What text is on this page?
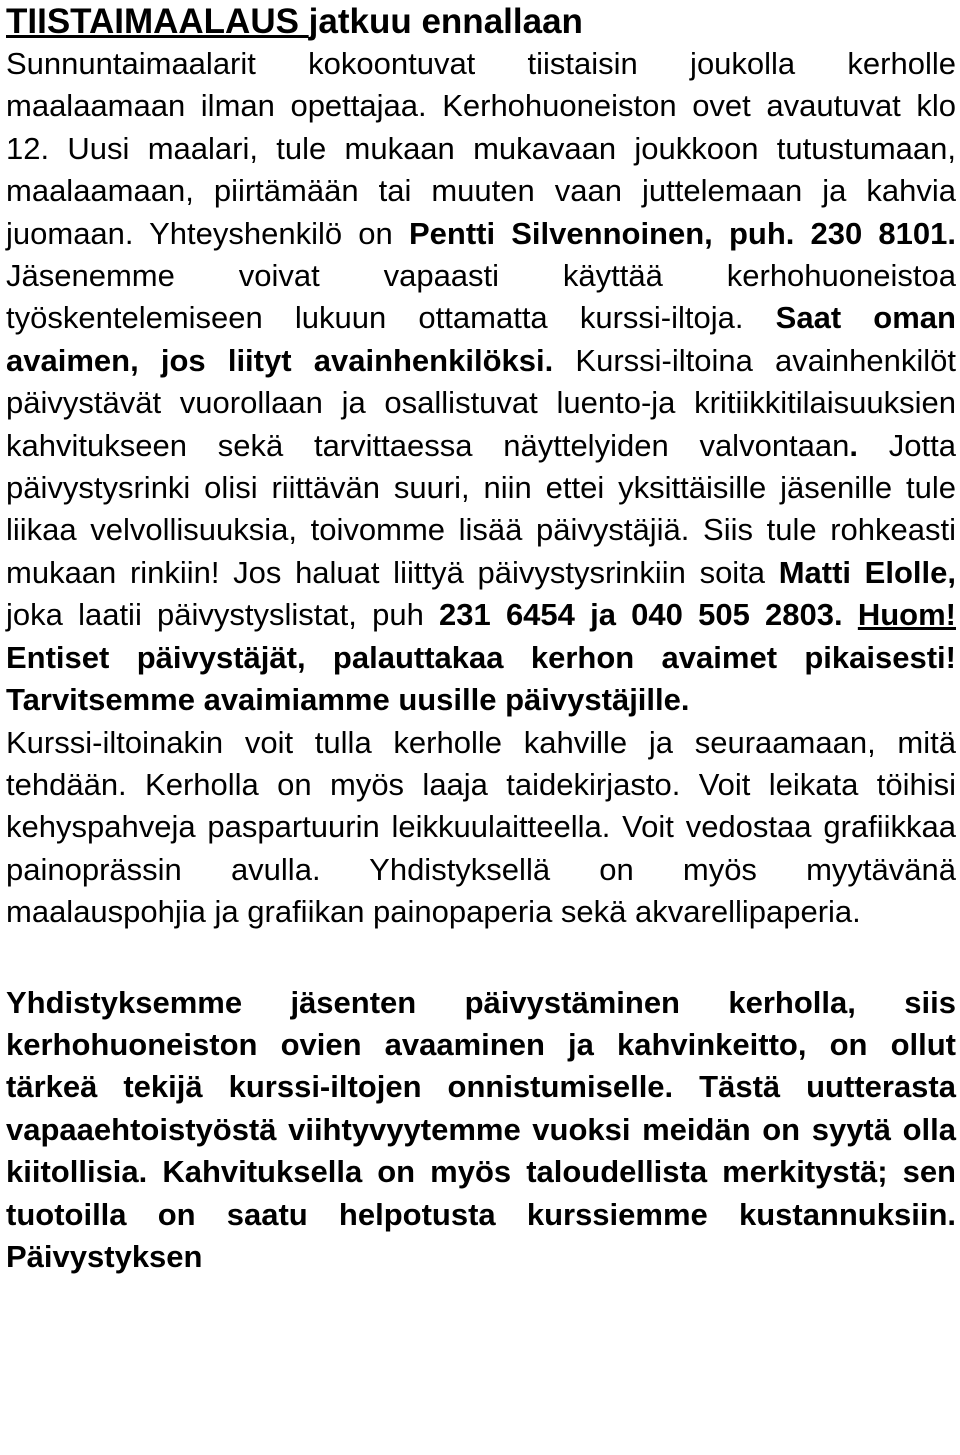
TIISTAIMAALAUS jatkuu ennallaan

Sunnuntaimaalarit kokoontuvat tiistaisin joukolla kerholle maalaamaan ilman opettajaa. Kerhohuoneiston ovet avautuvat klo 12. Uusi maalari, tule mukaan mukavaan joukkoon tutustumaan, maalaamaan, piirtämään tai muuten vaan juttelemaan ja kahvia juomaan. Yhteyshenkilö on Pentti Silvennoinen, puh. 230 8101. Jäsenemme voivat vapaasti käyttää kerhohuoneistoa työskentelemiseen lukuun ottamatta kurssi-iltoja. Saat oman avaimen, jos liityt avainhenkilöksi. Kurssi-iltoina avainhenkilöt päivystävät vuorollaan ja osallistuvat luento-ja kritiikkitilaisuuksien kahvitukseen sekä tarvittaessa näyttelyiden valvontaan. Jotta päivystysrinki olisi riittävän suuri, niin ettei yksittäisille jäsenille tule liikaa velvollisuuksia, toivomme lisää päivystäjiä. Siis tule rohkeasti mukaan rinkiin! Jos haluat liittyä päivystysrinkiin soita Matti Elolle, joka laatii päivystyslistat, puh 231 6454 ja 040 505 2803. Huom! Entiset päivystäjät, palauttakaa kerhon avaimet pikaisesti! Tarvitsemme avaimiamme uusille päivystäjille.

Kurssi-iltoinakin voit tulla kerholle kahville ja seuraamaan, mitä tehdään. Kerholla on myös laaja taidekirjasto. Voit leikata töihisi kehyspahveja paspartuurin leikkuulaitteella. Voit vedostaa grafiikkaa painoprässin avulla. Yhdistyksellä on myös myytävänä maalauspohjia ja grafiikan painopaperia sekä akvarellipaperia.

Yhdistyksemme jäsenten päivystäminen kerholla, siis kerhohuoneiston ovien avaaminen ja kahvinkeitto, on ollut tärkeä tekijä kurssi-iltojen onnistumiselle. Tästä uutterasta vapaaehtoistyöstä viihtyvyytemme vuoksi meidän on syytä olla kiitollisia. Kahvituksella on myös taloudellista merkitystä; sen tuotoilla on saatu helpotusta kurssiemme kustannuksiin. Päivystyksen
